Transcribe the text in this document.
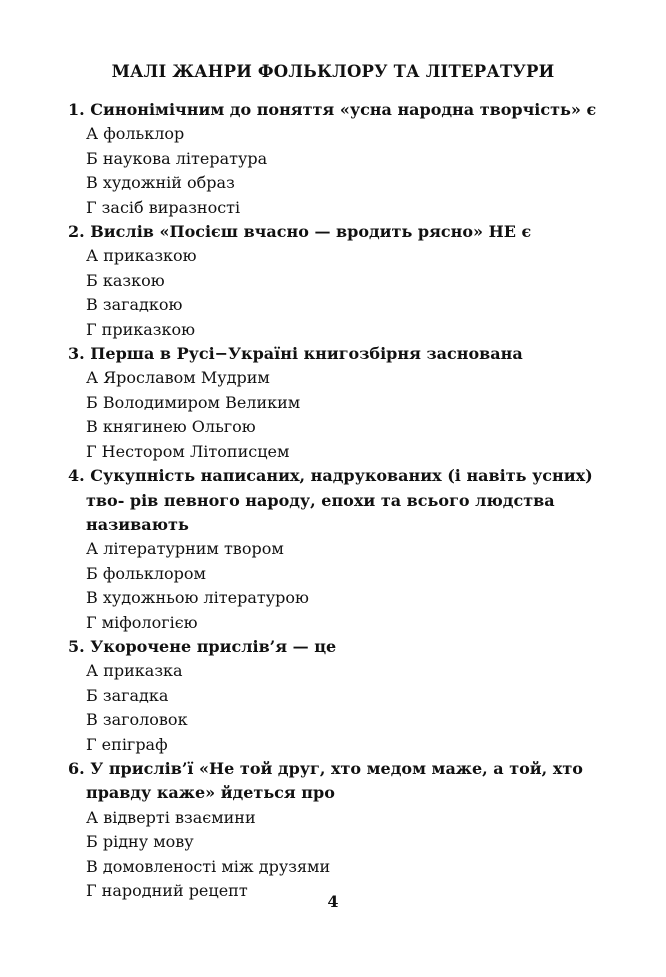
МАЛІ ЖАНРИ ФОЛЬКЛОРУ ТА ЛІТЕРАТУРИ
1. Синонімічним до поняття «усна народна творчість» є
А фольклор
Б наукова література
В художній образ
Г засіб виразності
2. Вислів «Посієш вчасно — вродить рясно» НЕ є
А приказкою
Б казкою
В загадкою
Г приказкою
3. Перша в Русі−Україні книгозбірня заснована
А Ярославом Мудрим
Б Володимиром Великим
В княгинею Ольгою
Г Нестором Літописцем
4. Сукупність написаних, надрукованих (і навіть усних) тво- рів певного народу, епохи та всього людства називають
А літературним твором
Б фольклором
В художньою літературою
Г міфологією
5. Укорочене прислів’я — це
А приказка
Б загадка
В заголовок
Г епіграф
6. У прислів’ї «Не той друг, хто медом маже, а той, хто правду каже» йдеться про
А відверті взаємини
Б рідну мову
В домовленості між друзями
Г народний рецепт
4
